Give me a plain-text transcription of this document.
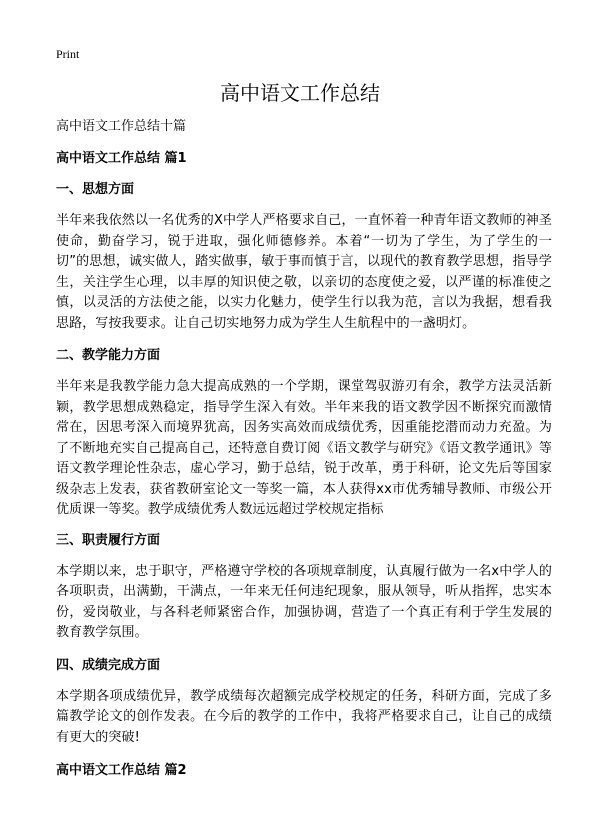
Print
高中语文工作总结

高中语文工作总结十篇

高中语文工作总结 篇1

一、思想方面

半年来我依然以一名优秀的X中学人严格要求自己，一直怀着一种青年语文教师的神圣使命，勤奋学习，锐于进取，强化师德修养。本着“一切为了学生，为了学生的一切”的思想，诚实做人，踏实做事，敏于事而慎于言，以现代的教育教学思想，指导学生，关注学生心理，以丰厚的知识使之敬，以亲切的态度使之爱，以严谨的标准使之慎，以灵活的方法使之能，以实力化魅力，使学生行以我为范，言以为我据，想看我思路，写按我要求。让自己切实地努力成为学生人生航程中的一盏明灯。

二、教学能力方面

半年来是我教学能力急大提高成熟的一个学期，课堂驾驭游刃有余，教学方法灵活新颖，教学思想成熟稳定，指导学生深入有效。半年来我的语文教学因不断探究而激情常在，因思考深入而境界犹高，因务实高效而成绩优秀，因重能挖潜而动力充盈。为了不断地充实自己提高自己，还特意自费订阅《语文教学与研究》《语文教学通讯》等语文教学理论性杂志，虚心学习，勤于总结，锐于改革，勇于科研，论文先后等国家级杂志上发表，获省教研室论文一等奖一篇，本人获得xx市优秀辅导教师、市级公开优质课一等奖。教学成绩优秀人数远远超过学校规定指标

三、职责履行方面

本学期以来，忠于职守，严格遵守学校的各项规章制度，认真履行做为一名x中学人的各项职责，出满勤，干满点，一年来无任何违纪现象，服从领导，听从指挥，忠实本份，爱岗敬业，与各科老师紧密合作，加强协调，营造了一个真正有利于学生发展的教育教学氛围。

四、成绩完成方面

本学期各项成绩优异，教学成绩每次超额完成学校规定的任务，科研方面，完成了多篇教学论文的创作发表。在今后的教学的工作中，我将严格要求自己，让自己的成绩有更大的突破!

高中语文工作总结 篇2
